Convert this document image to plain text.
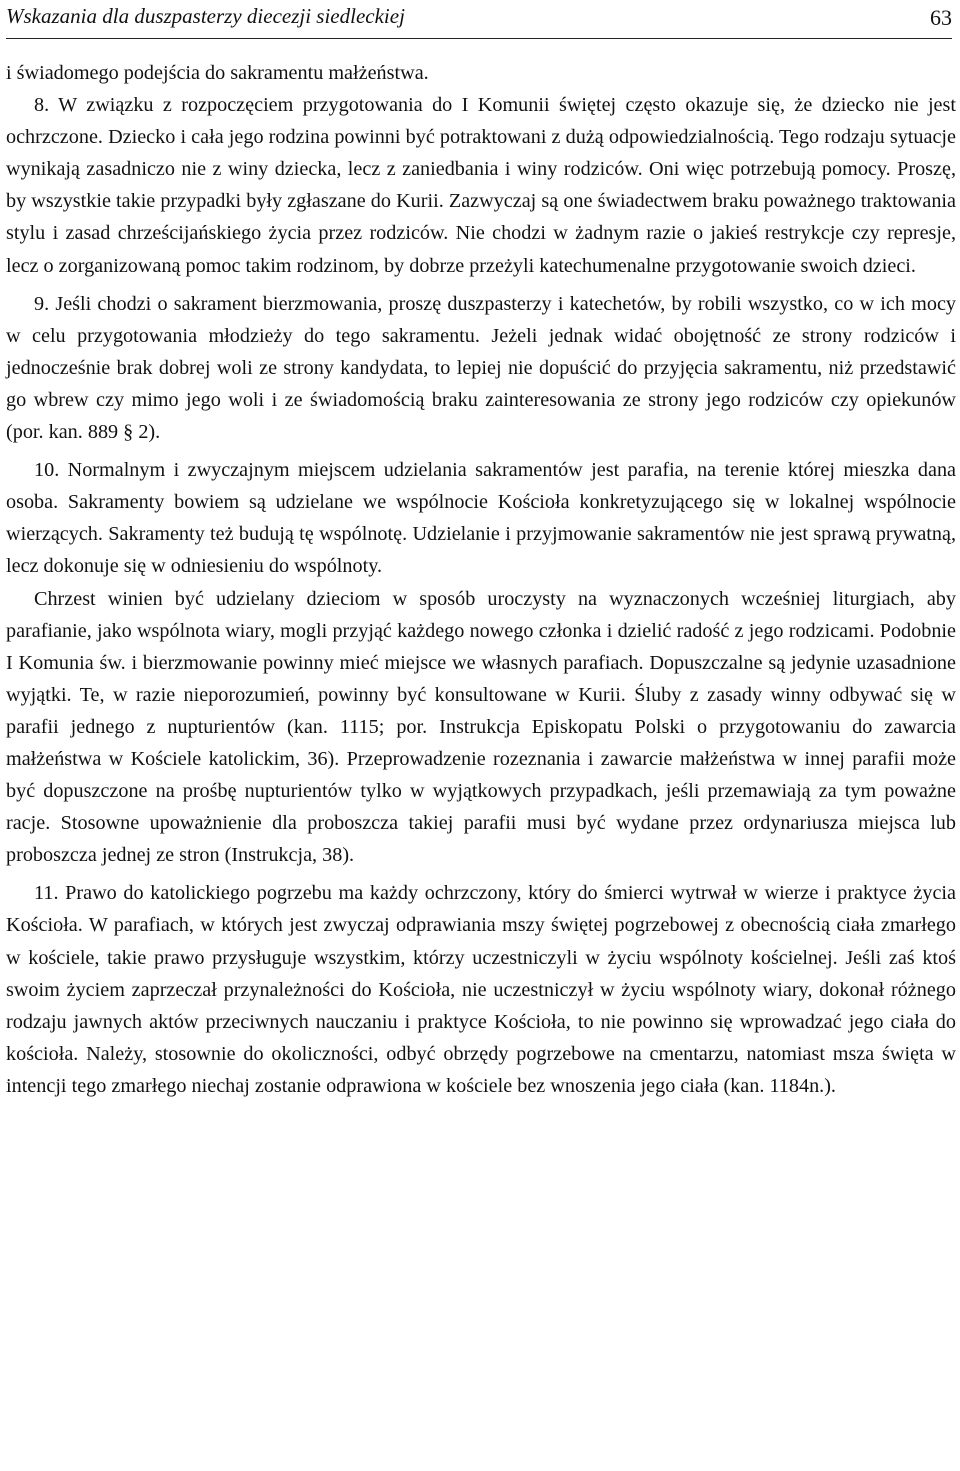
Wskazania dla duszpasterzy diecezji siedleckiej	63

i świadomego podejścia do sakramentu małżeństwa.

8. W związku z rozpoczęciem przygotowania do I Komunii świętej często okazuje się, że dziecko nie jest ochrzczone. Dziecko i cała jego rodzina powinni być potraktowani z dużą odpowiedzialnością. Tego rodzaju sytuacje wynikają zasadniczo nie z winy dziecka, lecz z zaniedbania i winy rodziców. Oni więc potrzebują pomocy. Proszę, by wszystkie takie przypadki były zgłaszane do Kurii. Zazwyczaj są one świadectwem braku poważnego traktowania stylu i zasad chrześcijańskiego życia przez rodziców. Nie chodzi w żadnym razie o jakieś restrykcje czy represje, lecz o zorganizowaną pomoc takim rodzinom, by dobrze przeżyli katechumenalne przygotowanie swoich dzieci.

9. Jeśli chodzi o sakrament bierzmowania, proszę duszpasterzy i katechetów, by robili wszystko, co w ich mocy w celu przygotowania młodzieży do tego sakramentu. Jeżeli jednak widać obojętność ze strony rodziców i jednocześnie brak dobrej woli ze strony kandydata, to lepiej nie dopuścić do przyjęcia sakramentu, niż przedstawić go wbrew czy mimo jego woli i ze świadomością braku zainteresowania ze strony jego rodziców czy opiekunów (por. kan. 889 § 2).

10. Normalnym i zwyczajnym miejscem udzielania sakramentów jest parafia, na terenie której mieszka dana osoba. Sakramenty bowiem są udzielane we wspólnocie Kościoła konkretyzującego się w lokalnej wspólnocie wierzących. Sakramenty też budują tę wspólnotę. Udzielanie i przyjmowanie sakramentów nie jest sprawą prywatną, lecz dokonuje się w odniesieniu do wspólnoty.

Chrzest winien być udzielany dzieciom w sposób uroczysty na wyznaczonych wcześniej liturgiach, aby parafianie, jako wspólnota wiary, mogli przyjąć każdego nowego członka i dzielić radość z jego rodzicami. Podobnie I Komunia św. i bierzmowanie powinny mieć miejsce we własnych parafiach. Dopuszczalne są jedynie uzasadnione wyjątki. Te, w razie nieporozumień, powinny być konsultowane w Kurii. Śluby z zasady winny odbywać się w parafii jednego z nupturientów (kan. 1115; por. Instrukcja Episkopatu Polski o przygotowaniu do zawarcia małżeństwa w Kościele katolickim, 36). Przeprowadzenie rozeznania i zawarcie małżeństwa w innej parafii może być dopuszczone na prośbę nupturientów tylko w wyjątkowych przypadkach, jeśli przemawiają za tym poważne racje. Stosowne upoważnienie dla proboszcza takiej parafii musi być wydane przez ordynariusza miejsca lub proboszcza jednej ze stron (Instrukcja, 38).

11. Prawo do katolickiego pogrzebu ma każdy ochrzczony, który do śmierci wytrwał w wierze i praktyce życia Kościoła. W parafiach, w których jest zwyczaj odprawiania mszy świętej pogrzebowej z obecnością ciała zmarłego w kościele, takie prawo przysługuje wszystkim, którzy uczestniczyli w życiu wspólnoty kościelnej. Jeśli zaś ktoś swoim życiem zaprzeczał przynależności do Kościoła, nie uczestniczył w życiu wspólnoty wiary, dokonał różnego rodzaju jawnych aktów przeciwnych nauczaniu i praktyce Kościoła, to nie powinno się wprowadzać jego ciała do kościoła. Należy, stosownie do okoliczności, odbyć obrzędy pogrzebowe na cmentarzu, natomiast msza święta w intencji tego zmarłego niechaj zostanie odprawiona w kościele bez wnoszenia jego ciała (kan. 1184n.).
